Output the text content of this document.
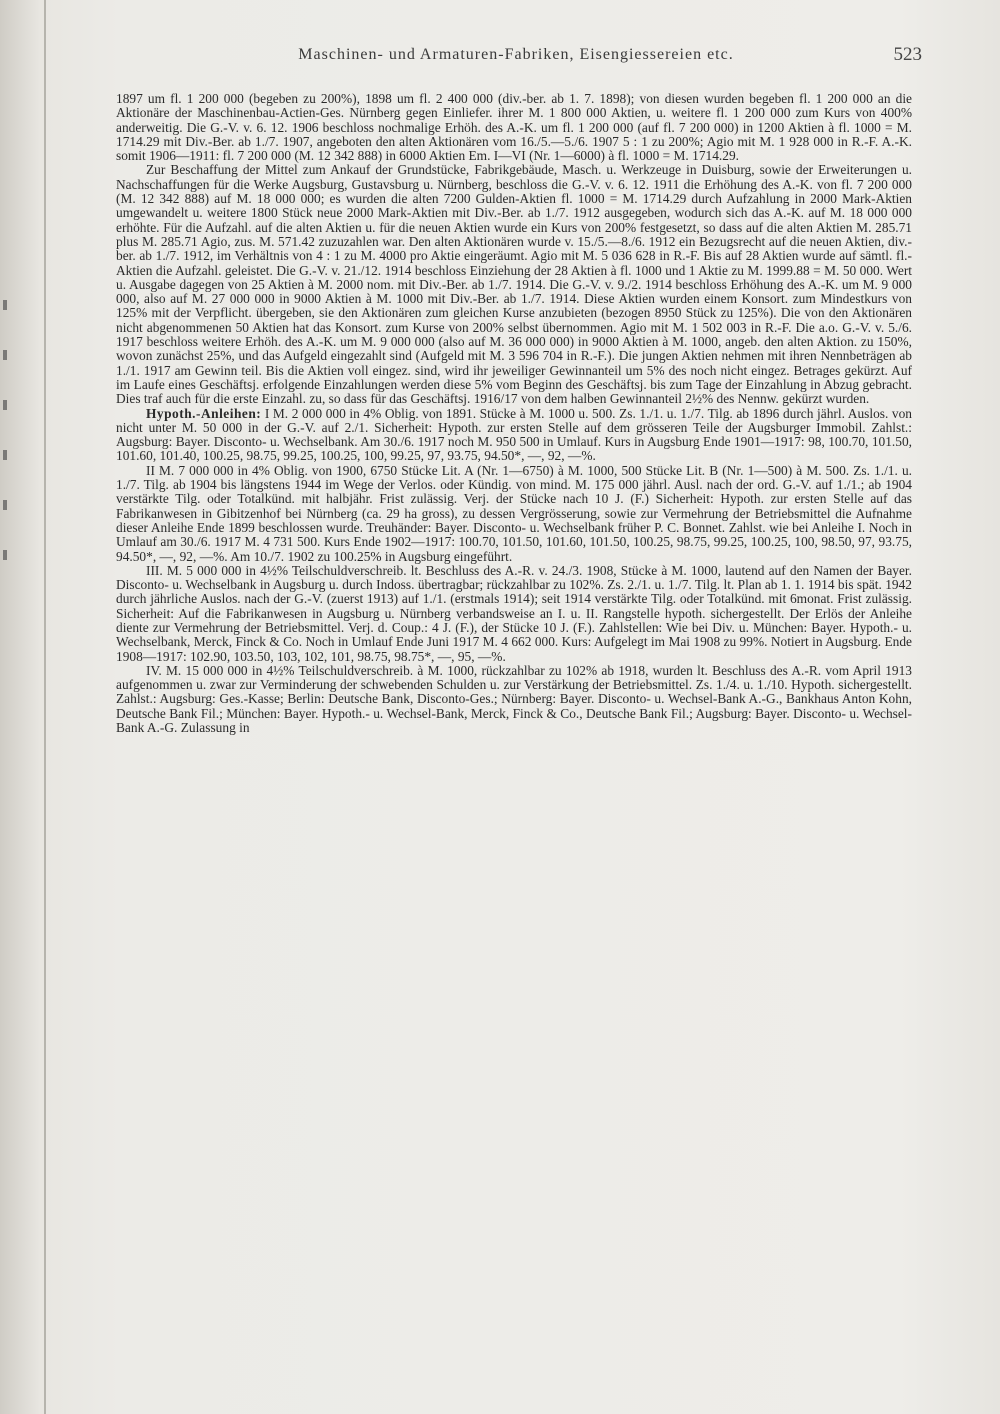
Maschinen- und Armaturen-Fabriken, Eisengiessereien etc.	523

1897 um fl. 1 200 000 (begeben zu 200%), 1898 um fl. 2 400 000 (div.-ber. ab 1. 7. 1898); von diesen wurden begeben fl. 1 200 000 an die Aktionäre der Maschinenbau-Actien-Ges. Nürnberg gegen Einliefer. ihrer M. 1 800 000 Aktien, u. weitere fl. 1 200 000 zum Kurs von 400% anderweitig. Die G.-V. v. 6. 12. 1906 beschloss nochmalige Erhöh. des A.-K. um fl. 1 200 000 (auf fl. 7 200 000) in 1200 Aktien à fl. 1000 = M. 1714.29 mit Div.-Ber. ab 1./7. 1907, angeboten den alten Aktionären vom 16./5.—5./6. 1907 5 : 1 zu 200%; Agio mit M. 1 928 000 in R.-F. A.-K. somit 1906—1911: fl. 7 200 000 (M. 12 342 888) in 6000 Aktien Em. I—VI (Nr. 1—6000) à fl. 1000 = M. 1714.29.

Zur Beschaffung der Mittel zum Ankauf der Grundstücke, Fabrikgebäude, Masch. u. Werkzeuge in Duisburg, sowie der Erweiterungen u. Nachschaffungen für die Werke Augsburg, Gustavsburg u. Nürnberg, beschloss die G.-V. v. 6. 12. 1911 die Erhöhung des A.-K. von fl. 7 200 000 (M. 12 342 888) auf M. 18 000 000; es wurden die alten 7200 Gulden-Aktien fl. 1000 = M. 1714.29 durch Aufzahlung in 2000 Mark-Aktien umgewandelt u. weitere 1800 Stück neue 2000 Mark-Aktien mit Div.-Ber. ab 1./7. 1912 ausgegeben, wodurch sich das A.-K. auf M. 18 000 000 erhöhte. Für die Aufzahl. auf die alten Aktien u. für die neuen Aktien wurde ein Kurs von 200% festgesetzt, so dass auf die alten Aktien M. 285.71 plus M. 285.71 Agio, zus. M. 571.42 zuzuzahlen war. Den alten Aktionären wurde v. 15./5.—8./6. 1912 ein Bezugsrecht auf die neuen Aktien, div.-ber. ab 1./7. 1912, im Verhältnis von 4 : 1 zu M. 4000 pro Aktie eingeräumt. Agio mit M. 5 036 628 in R.-F. Bis auf 28 Aktien wurde auf sämtl. fl.-Aktien die Aufzahl. geleistet. Die G.-V. v. 21./12. 1914 beschloss Einziehung der 28 Aktien à fl. 1000 und 1 Aktie zu M. 1999.88 = M. 50 000. Wert u. Ausgabe dagegen von 25 Aktien à M. 2000 nom. mit Div.-Ber. ab 1./7. 1914. Die G.-V. v. 9./2. 1914 beschloss Erhöhung des A.-K. um M. 9 000 000, also auf M. 27 000 000 in 9000 Aktien à M. 1000 mit Div.-Ber. ab 1./7. 1914. Diese Aktien wurden einem Konsort. zum Mindestkurs von 125% mit der Verpflicht. übergeben, sie den Aktionären zum gleichen Kurse anzubieten (bezogen 8950 Stück zu 125%). Die von den Aktionären nicht abgenommenen 50 Aktien hat das Konsort. zum Kurse von 200% selbst übernommen. Agio mit M. 1 502 003 in R.-F. Die a.o. G.-V. v. 5./6. 1917 beschloss weitere Erhöh. des A.-K. um M. 9 000 000 (also auf M. 36 000 000) in 9000 Aktien à M. 1000, angeb. den alten Aktion. zu 150%, wovon zunächst 25%, und das Aufgeld eingezahlt sind (Aufgeld mit M. 3 596 704 in R.-F.). Die jungen Aktien nehmen mit ihren Nennbeträgen ab 1./1. 1917 am Gewinn teil. Bis die Aktien voll eingez. sind, wird ihr jeweiliger Gewinnanteil um 5% des noch nicht eingez. Betrages gekürzt. Auf im Laufe eines Geschäftsj. erfolgende Einzahlungen werden diese 5% vom Beginn des Geschäftsj. bis zum Tage der Einzahlung in Abzug gebracht. Dies traf auch für die erste Einzahl. zu, so dass für das Geschäftsj. 1916/17 von dem halben Gewinnanteil 2½% des Nennw. gekürzt wurden.

Hypoth.-Anleihen: I M. 2 000 000 in 4% Oblig. von 1891. Stücke à M. 1000 u. 500. Zs. 1./1. u. 1./7. Tilg. ab 1896 durch jährl. Auslos. von nicht unter M. 50 000 in der G.-V. auf 2./1. Sicherheit: Hypoth. zur ersten Stelle auf dem grösseren Teile der Augsburger Immobil. Zahlst.: Augsburg: Bayer. Disconto- u. Wechselbank. Am 30./6. 1917 noch M. 950 500 in Umlauf. Kurs in Augsburg Ende 1901—1917: 98, 100.70, 101.50, 101.60, 101.40, 100.25, 98.75, 99.25, 100.25, 100, 99.25, 97, 93.75, 94.50*, —, 92, —%.

II M. 7 000 000 in 4% Oblig. von 1900, 6750 Stücke Lit. A (Nr. 1—6750) à M. 1000, 500 Stücke Lit. B (Nr. 1—500) à M. 500. Zs. 1./1. u. 1./7. Tilg. ab 1904 bis längstens 1944 im Wege der Verlos. oder Kündig. von mind. M. 175 000 jährl. Ausl. nach der ord. G.-V. auf 1./1.; ab 1904 verstärkte Tilg. oder Totalkünd. mit halbjähr. Frist zulässig. Verj. der Stücke nach 10 J. (F.) Sicherheit: Hypoth. zur ersten Stelle auf das Fabrikanwesen in Gibitzenhof bei Nürnberg (ca. 29 ha gross), zu dessen Vergrösserung, sowie zur Vermehrung der Betriebsmittel die Aufnahme dieser Anleihe Ende 1899 beschlossen wurde. Treuhänder: Bayer. Disconto- u. Wechselbank früher P. C. Bonnet. Zahlst. wie bei Anleihe I. Noch in Umlauf am 30./6. 1917 M. 4 731 500. Kurs Ende 1902—1917: 100.70, 101.50, 101.60, 101.50, 100.25, 98.75, 99.25, 100.25, 100, 98.50, 97, 93.75, 94.50*, —, 92, —%. Am 10./7. 1902 zu 100.25% in Augsburg eingeführt.

III. M. 5 000 000 in 4½% Teilschuldverschreib. lt. Beschluss des A.-R. v. 24./3. 1908, Stücke à M. 1000, lautend auf den Namen der Bayer. Disconto- u. Wechselbank in Augsburg u. durch Indoss. übertragbar; rückzahlbar zu 102%. Zs. 2./1. u. 1./7. Tilg. lt. Plan ab 1. 1. 1914 bis spät. 1942 durch jährliche Auslos. nach der G.-V. (zuerst 1913) auf 1./1. (erstmals 1914); seit 1914 verstärkte Tilg. oder Totalkünd. mit 6monat. Frist zulässig. Sicherheit: Auf die Fabrikanwesen in Augsburg u. Nürnberg verbandsweise an I. u. II. Rangstelle hypoth. sichergestellt. Der Erlös der Anleihe diente zur Vermehrung der Betriebsmittel. Verj. d. Coup.: 4 J. (F.), der Stücke 10 J. (F.). Zahlstellen: Wie bei Div. u. München: Bayer. Hypoth.- u. Wechselbank, Merck, Finck & Co. Noch in Umlauf Ende Juni 1917 M. 4 662 000. Kurs: Aufgelegt im Mai 1908 zu 99%. Notiert in Augsburg. Ende 1908—1917: 102.90, 103.50, 103, 102, 101, 98.75, 98.75*, —, 95, —%.

IV. M. 15 000 000 in 4½% Teilschuldverschreib. à M. 1000, rückzahlbar zu 102% ab 1918, wurden lt. Beschluss des A.-R. vom April 1913 aufgenommen u. zwar zur Verminderung der schwebenden Schulden u. zur Verstärkung der Betriebsmittel. Zs. 1./4. u. 1./10. Hypoth. sichergestellt. Zahlst.: Augsburg: Ges.-Kasse; Berlin: Deutsche Bank, Disconto-Ges.; Nürnberg: Bayer. Disconto- u. Wechsel-Bank A.-G., Bankhaus Anton Kohn, Deutsche Bank Fil.; München: Bayer. Hypoth.- u. Wechsel-Bank, Merck, Finck & Co., Deutsche Bank Fil.; Augsburg: Bayer. Disconto- u. Wechsel-Bank A.-G. Zulassung in
